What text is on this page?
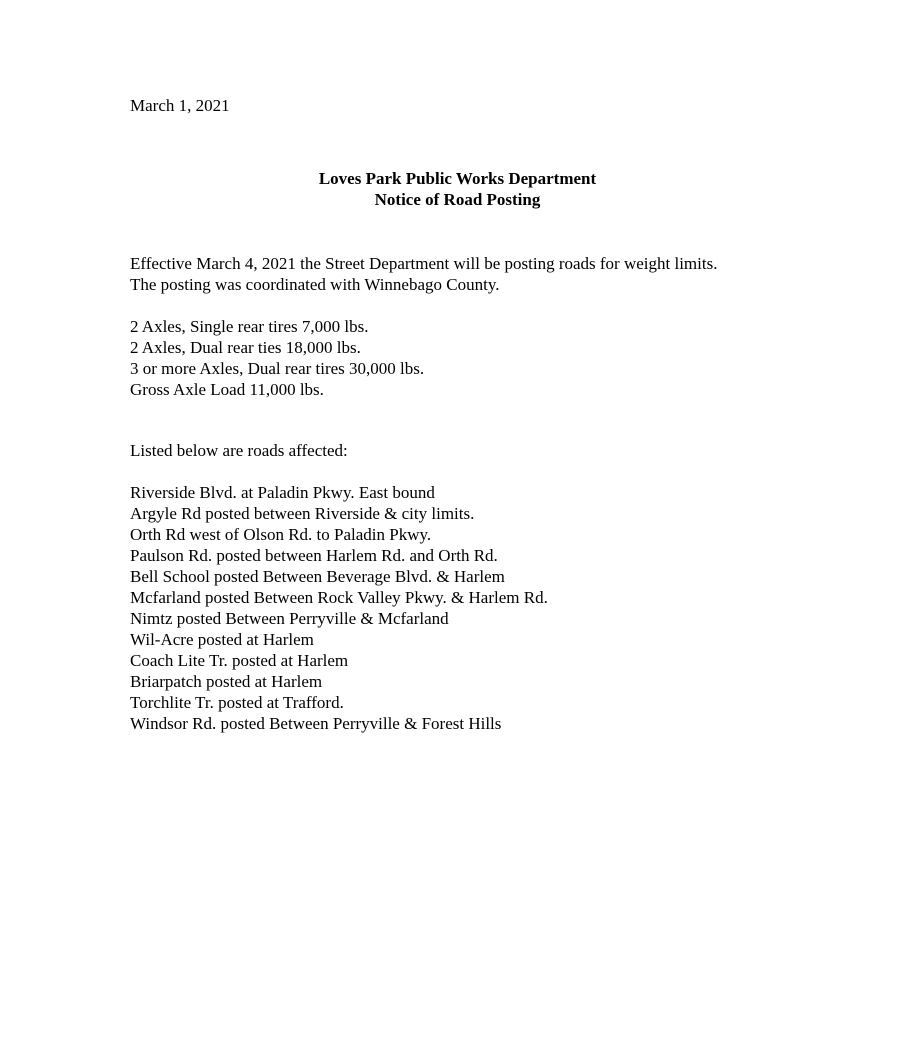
March 1, 2021
Loves Park Public Works Department
Notice of Road Posting
Effective March 4, 2021 the Street Department will be posting roads for weight limits.
The posting was coordinated with Winnebago County.
2 Axles, Single rear tires 7,000 lbs.
2 Axles, Dual rear ties 18,000 lbs.
3 or more Axles, Dual rear tires 30,000 lbs.
Gross Axle Load 11,000 lbs.
Listed below are roads affected:
Riverside Blvd. at Paladin Pkwy. East bound
Argyle Rd posted between Riverside & city limits.
Orth Rd west of Olson Rd. to Paladin Pkwy.
Paulson Rd. posted between Harlem Rd. and Orth Rd.
Bell School posted Between Beverage Blvd. & Harlem
Mcfarland posted Between Rock Valley Pkwy. & Harlem Rd.
Nimtz posted Between Perryville & Mcfarland
Wil-Acre posted at Harlem
Coach Lite Tr. posted at Harlem
Briarpatch posted at Harlem
Torchlite Tr. posted at Trafford.
Windsor Rd. posted Between Perryville & Forest Hills
